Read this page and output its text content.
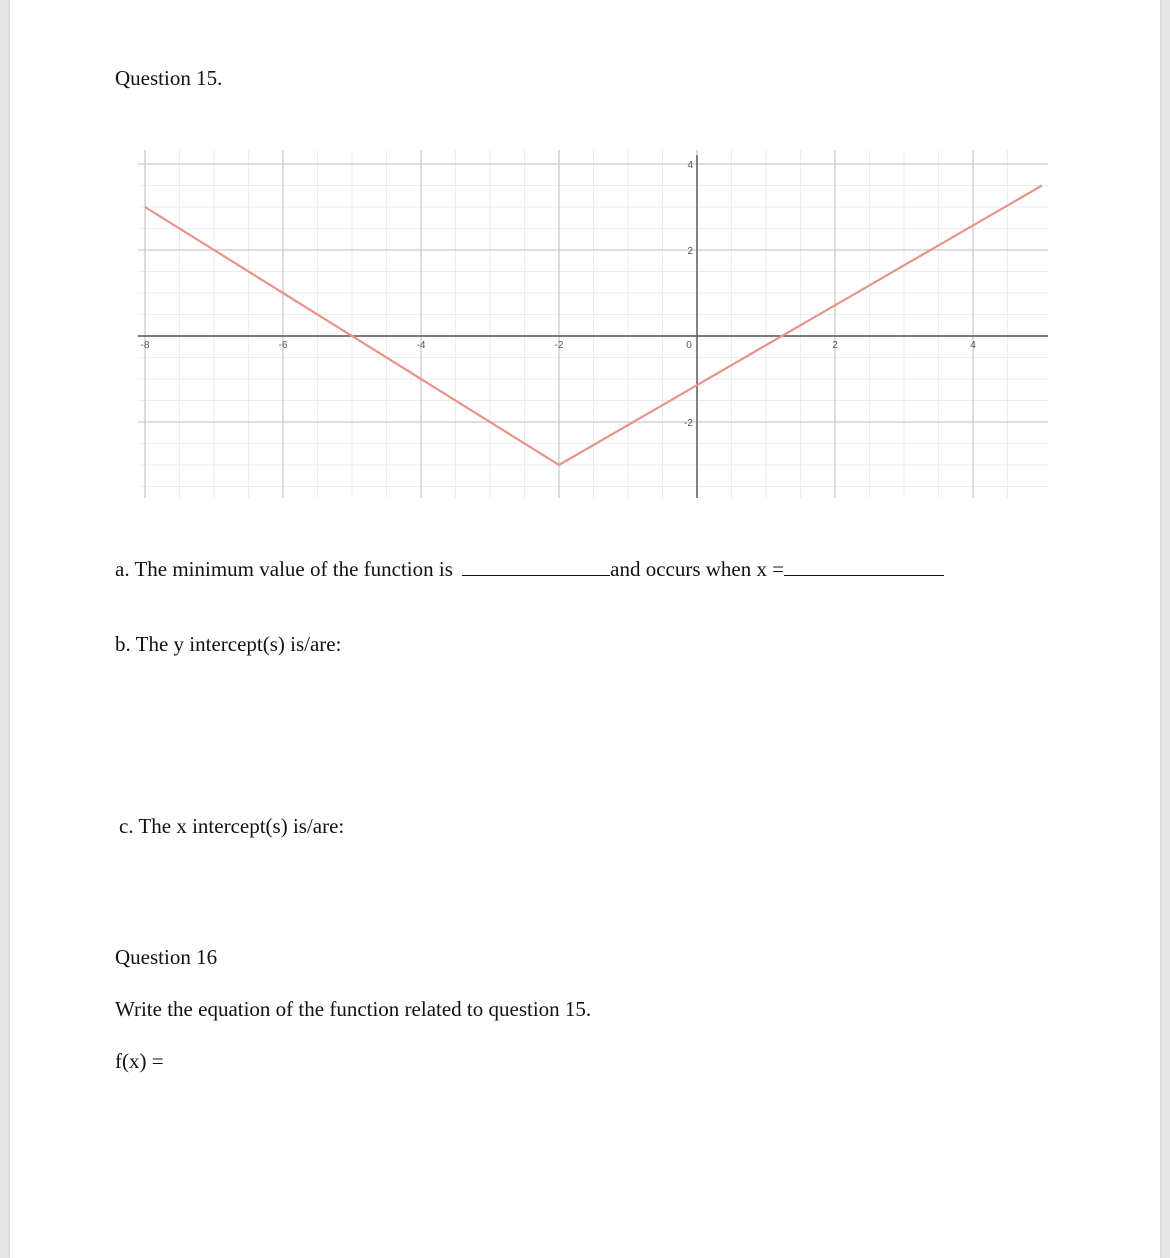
Question 15.
-8	-6	-4	-2	0	2	4
4
2
-2
a. The minimum value of the function is	and occurs when x =
b. The y intercept(s) is/are:
c. The x intercept(s) is/are:
Question 16
Write the equation of the function related to question 15.
f(x) =
